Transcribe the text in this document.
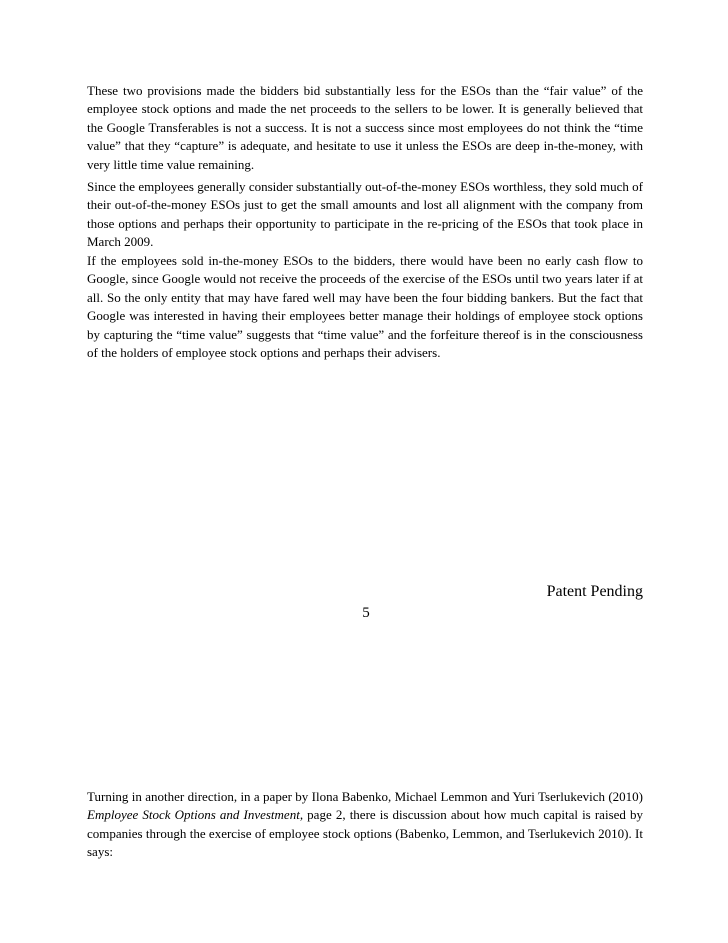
These two provisions made the bidders bid substantially less for the ESOs than the “fair value” of the employee stock options and made the net proceeds to the sellers to be lower. It is generally believed that the Google Transferables is not a success. It is not a success since most employees do not think the “time value” that they “capture” is adequate, and hesitate to use it unless the ESOs are deep in-the-money, with very little time value remaining.

Since the employees generally consider substantially out-of-the-money ESOs worthless, they sold much of their out-of-the-money ESOs just to get the small amounts and lost all alignment with the company from those options and perhaps their opportunity to participate in the re-pricing of the ESOs that took place in March 2009.

If the employees sold in-the-money ESOs to the bidders, there would have been no early cash flow to Google, since Google would not receive the proceeds of the exercise of the ESOs until two years later if at all. So the only entity that may have fared well may have been the four bidding bankers. But the fact that Google was interested in having their employees better manage their holdings of employee stock options by capturing the “time value” suggests that “time value” and the forfeiture thereof is in the consciousness of the holders of employee stock options and perhaps their advisers.

Patent Pending

5

Turning in another direction, in a paper by Ilona Babenko, Michael Lemmon and Yuri Tserlukevich (2010) Employee Stock Options and Investment, page 2, there is discussion about how much capital is raised by companies through the exercise of employee stock options (Babenko, Lemmon, and Tserlukevich 2010). It says:
